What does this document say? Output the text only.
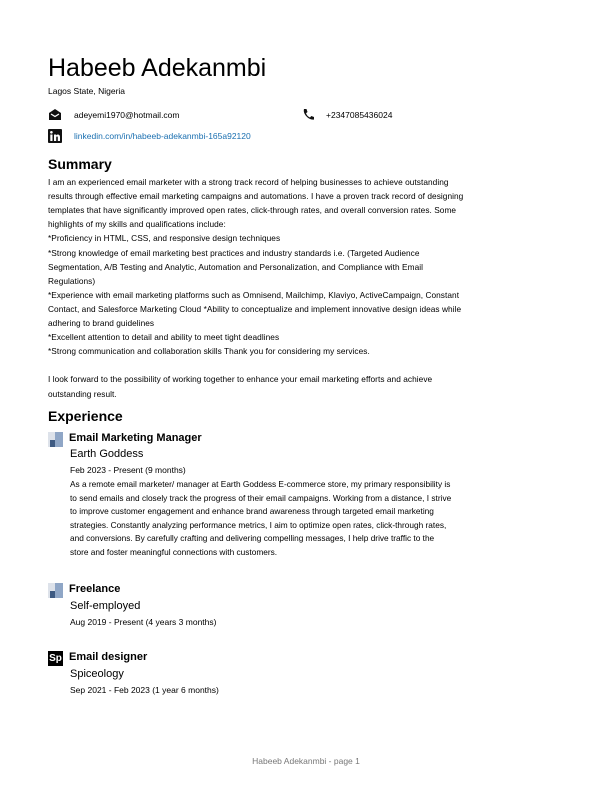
Habeeb Adekanmbi
Lagos State, Nigeria
adeyemi1970@hotmail.com	+2347085436024
linkedin.com/in/habeeb-adekanmbi-165a92120
Summary
I am an experienced email marketer with a strong track record of helping businesses to achieve outstanding
results through effective email marketing campaigns and automations. I have a proven track record of designing
templates that have significantly improved open rates, click-through rates, and overall conversion rates. Some
highlights of my skills and qualifications include:
*Proficiency in HTML, CSS, and responsive design techniques
*Strong knowledge of email marketing best practices and industry standards i.e. (Targeted Audience
Segmentation, A/B Testing and Analytic, Automation and Personalization, and Compliance with Email
Regulations)
*Experience with email marketing platforms such as Omnisend, Mailchimp, Klaviyo, ActiveCampaign, Constant
Contact, and Salesforce Marketing Cloud *Ability to conceptualize and implement innovative design ideas while
adhering to brand guidelines
*Excellent attention to detail and ability to meet tight deadlines
*Strong communication and collaboration skills Thank you for considering my services.
I look forward to the possibility of working together to enhance your email marketing efforts and achieve
outstanding result.
Experience
Email Marketing Manager
Earth Goddess
Feb 2023 - Present (9 months)
As a remote email marketer/ manager at Earth Goddess E-commerce store, my primary responsibility is
to send emails and closely track the progress of their email campaigns. Working from a distance, I strive
to improve customer engagement and enhance brand awareness through targeted email marketing
strategies. Constantly analyzing performance metrics, I aim to optimize open rates, click-through rates,
and conversions. By carefully crafting and delivering compelling messages, I help drive traffic to the
store and foster meaningful connections with customers.
Freelance
Self-employed
Aug 2019 - Present (4 years 3 months)
Sp Email designer
Spiceology
Sep 2021 - Feb 2023 (1 year 6 months)
Habeeb Adekanmbi - page 1
